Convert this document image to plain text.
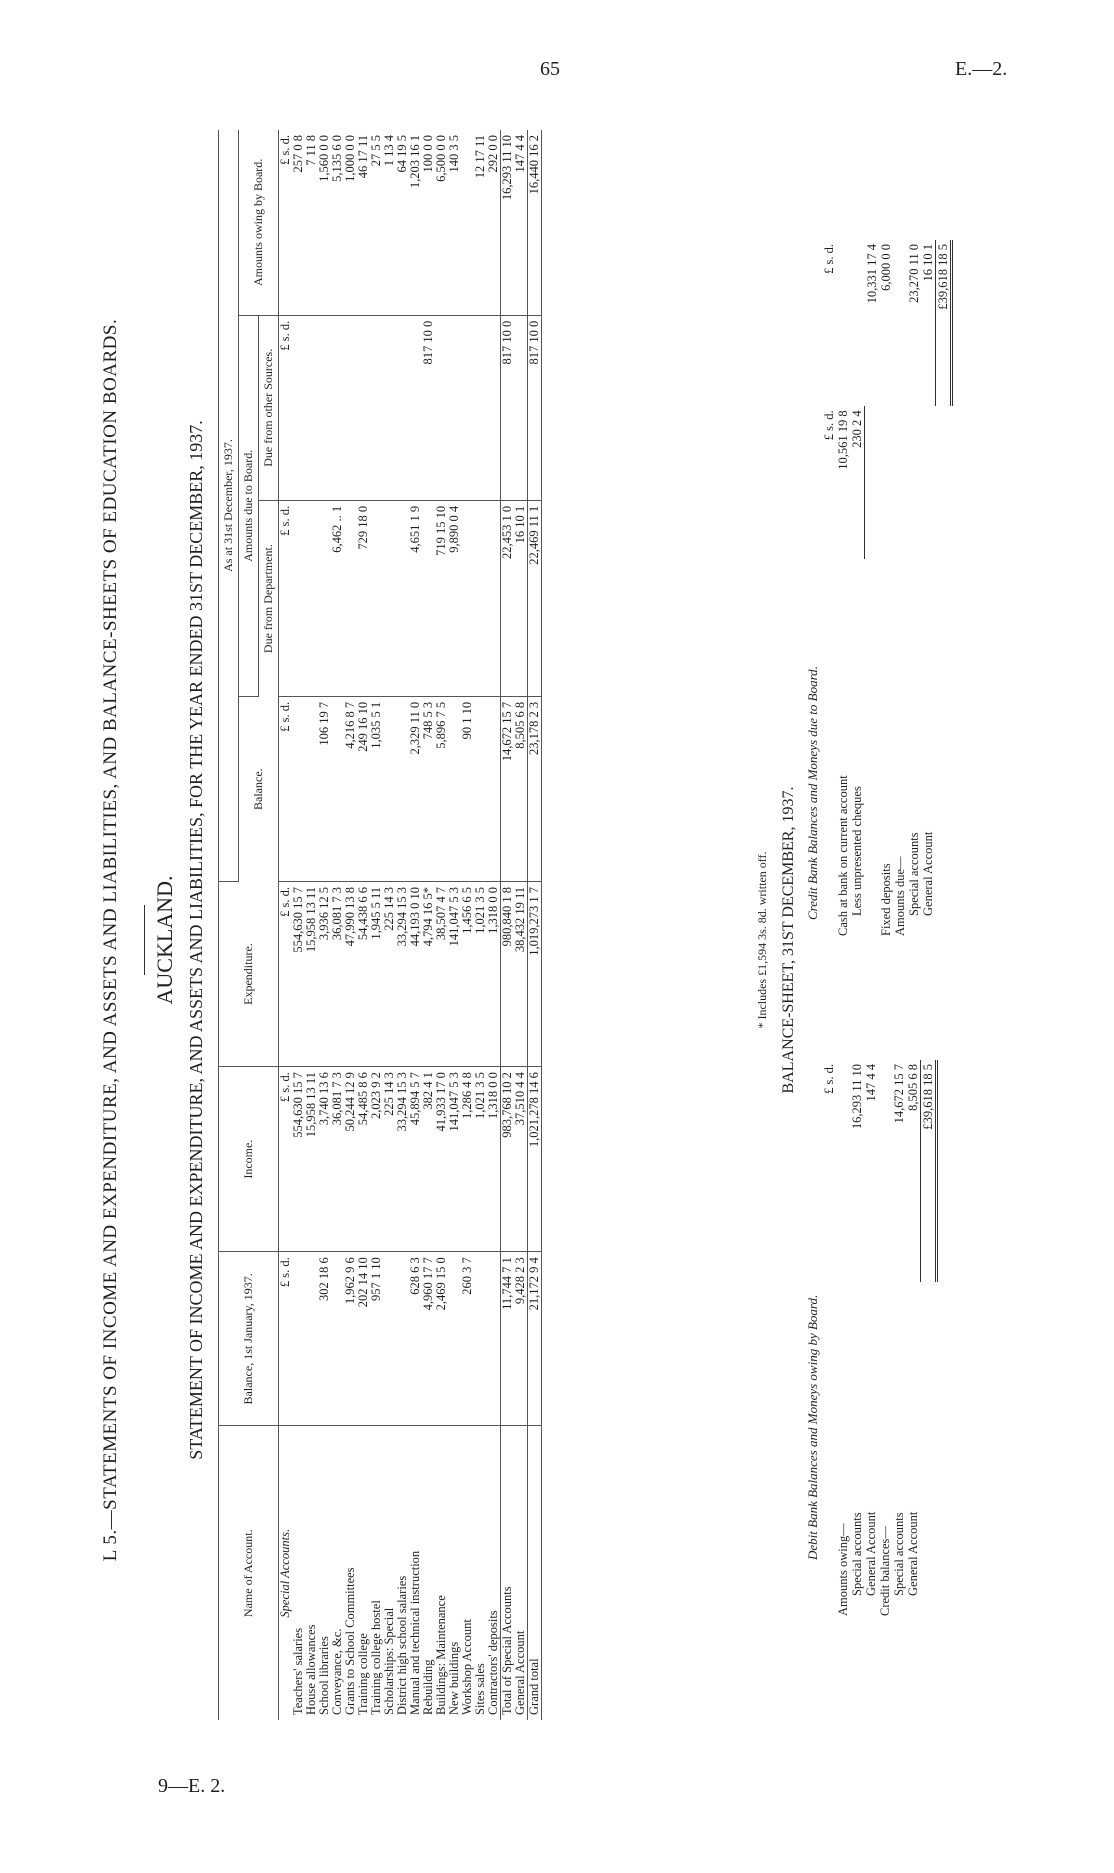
65	E.—2.
9—E. 2.
L 5.—STATEMENTS OF INCOME AND EXPENDITURE, AND ASSETS AND LIABILITIES, AND BALANCE-SHEETS OF EDUCATION BOARDS. AUCKLAND. STATEMENT OF INCOME AND EXPENDITURE, AND ASSETS AND LIABILITIES, FOR THE YEAR ENDED 31ST DECEMBER, 1937.
Name of Account.	Balance, 1st January, 1937.	Income.	Expenditure.	As at 31st December, 1937.			
				Balance.	Amounts due to Board.		Amounts owing by Board.
					Due from Department.	Due from other Sources.	
Special Accounts.	£ s. d.	£ s. d.	£ s. d.	£ s. d.	£ s. d.	£ s. d.	£ s. d.
Teachers' salaries		554,630 15 7	554,630 15 7				257 0 8
House allowances		15,958 13 11	15,958 13 11				7 11 8
School libraries	302 18 6	3,740 13 6	3,936 12 5	106 19 7			1,560 0 0
Conveyance, &c.		36,081 7 3	36,081 7 3		6,462 .. 1		5,135 6 0
Grants to School Committees	1,962 9 6	50,244 12 9	47,990 13 8	4,216 8 7			1,000 0 0
Training college	202 14 10	54,485 8 6	54,438 6 6	249 16 10	729 18 0		46 17 11
Training college hostel	957 1 10	2,023 9 2	1,945 5 11	1,035 5 1			27 5 5
Scholarships: Special		225 14 3	225 14 3				1 13 4
District high school salaries		33,294 15 3	33,294 15 3				64 19 5
Manual and technical instruction	628 6 3	45,894 5 7	44,193 0 10	2,329 11 0	4,651 1 9		1,203 16 1
Rebuilding	4,960 17 7	382 4 1	4,794 16 5*	748 5 3		817 10 0	100 0 0
Buildings: Maintenance	2,469 15 0	41,933 17 0	38,507 4 7	5,896 7 5	719 15 10		6,500 0 0
New buildings		141,047 5 3	141,047 5 3		9,890 0 4		140 3 5
Workshop Account	260 3 7	1,286 4 8	1,456 6 5	90 1 10			
Sites sales		1,021 3 5	1,021 3 5				12 17 11
Contractors' deposits		1,318 0 0	1,318 0 0				292 0 0
Total of Special Accounts	11,744 7 1	983,768 10 2	980,840 1 8	14,672 15 7	22,453 1 0	817 10 0	16,293 11 10
General Account	9,428 2 3	37,510 4 4	38,432 19 11	8,505 6 8	16 10 1		147 4 4
Grand total	21,172 9 4	1,021,278 14 6	1,019,273 1 7	23,178 2 3	22,469 11 1	817 10 0	16,440 16 2
* Includes £1,594 3s. 8d. written off. BALANCE-SHEET, 31ST DECEMBER, 1937.
Debit Bank Balances and Moneys owing by Board.
Credit Bank Balances and Moneys due to Board.
	£ s. d.
Amounts owing—	
Special accounts	16,293 11 10
General Account	147 4 4
Credit balances—	
Special accounts	14,672 15 7
General Account	8,505 6 8
	£39,618 18 5
	£ s. d.	£ s. d.
Cash at bank on current account	10,561 19 8	
Less unpresented cheques	230 2 4	
		10,331 17 4
Fixed deposits		6,000 0 0
Amounts due—		
Special accounts		23,270 11 0
General Account		16 10 1
		£39,618 18 5
